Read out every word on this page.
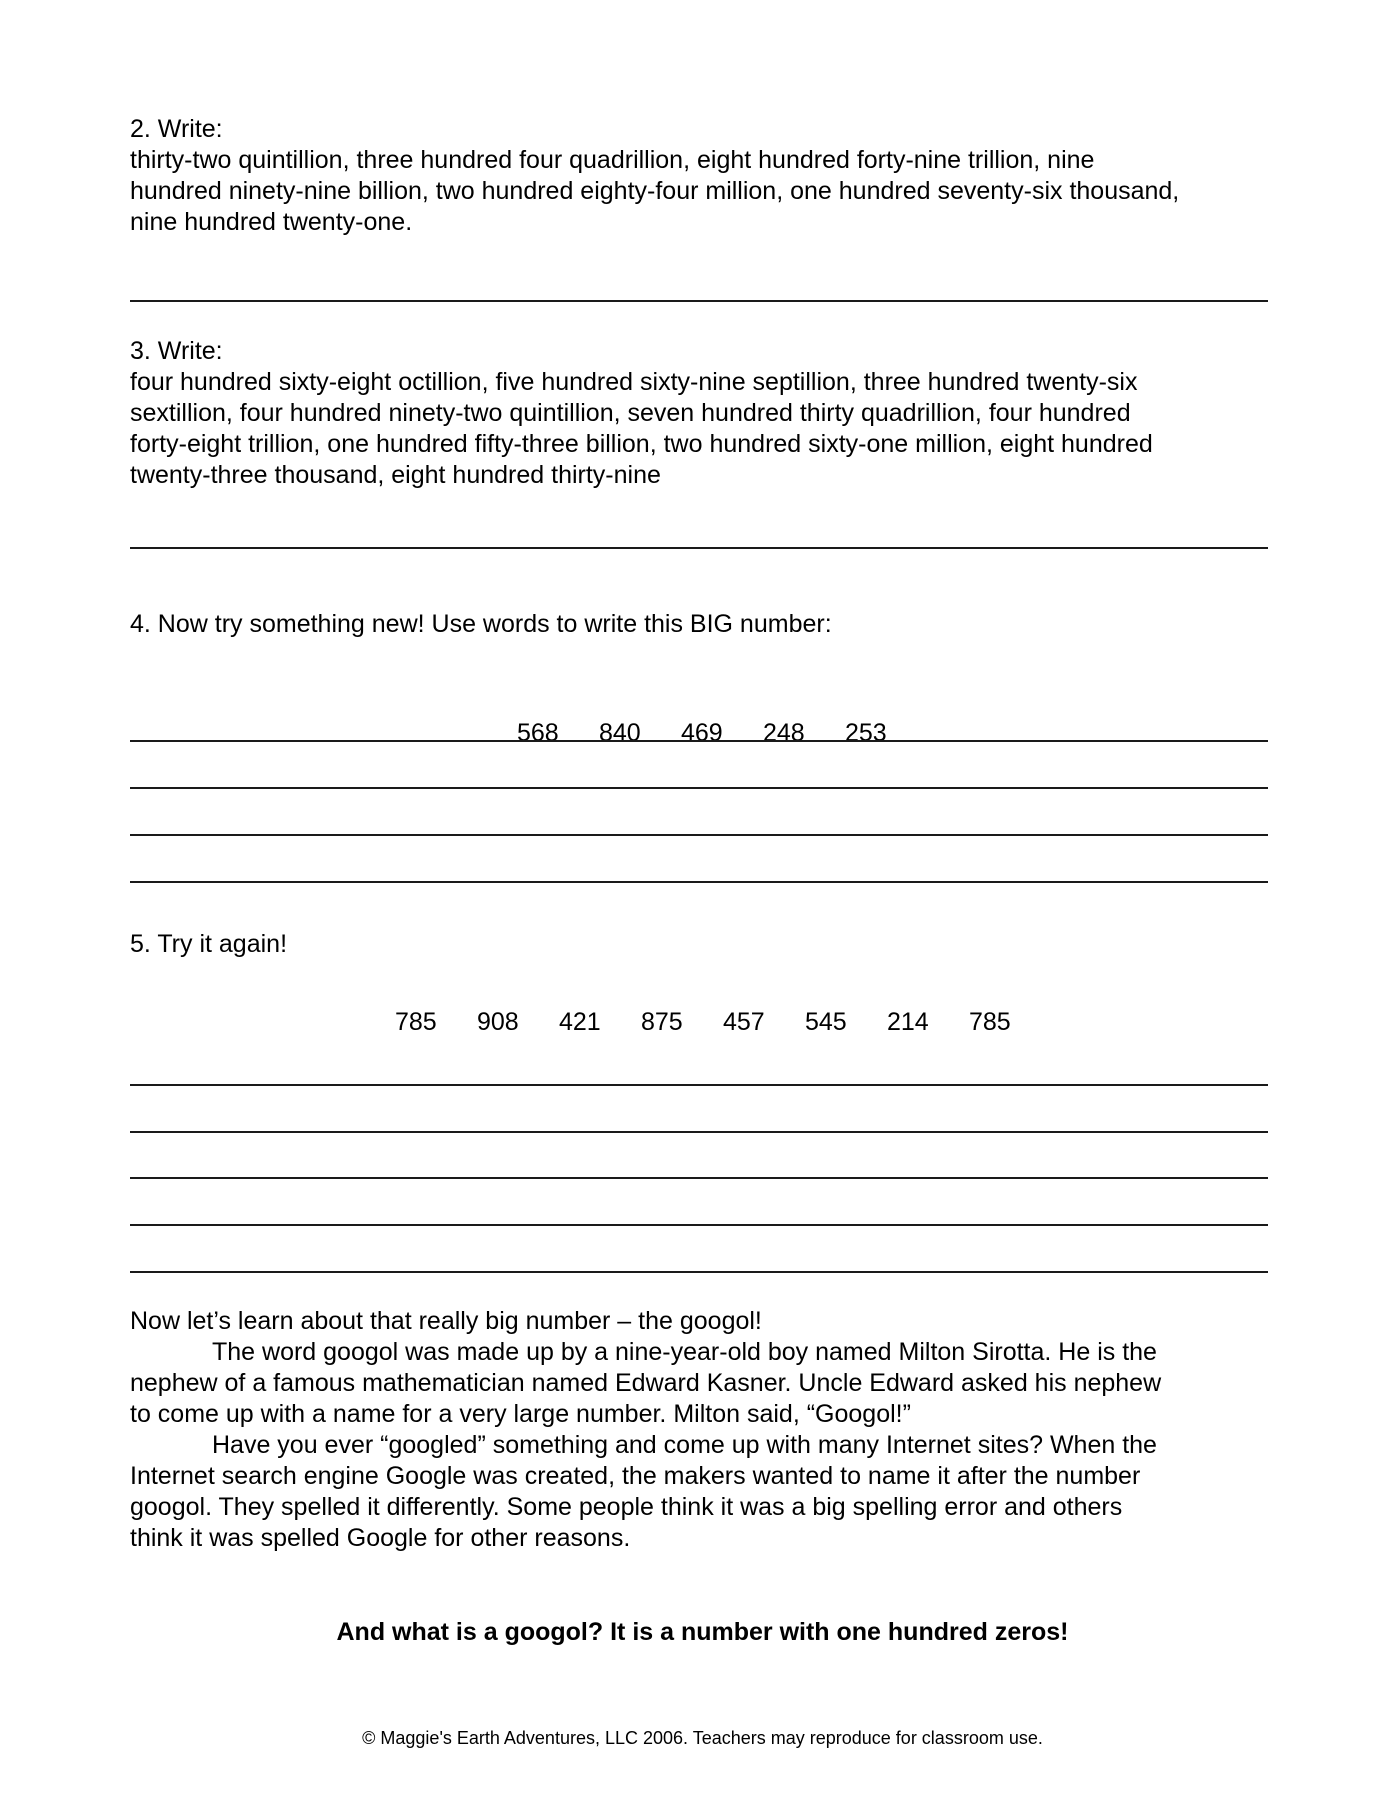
2. Write:
thirty-two quintillion, three hundred four quadrillion, eight hundred forty-nine trillion, nine
hundred ninety-nine billion, two hundred eighty-four million, one hundred seventy-six thousand,
nine hundred twenty-one.
3. Write:
four hundred sixty-eight octillion, five hundred sixty-nine septillion, three hundred twenty-six
sextillion, four hundred ninety-two quintillion, seven hundred thirty quadrillion, four hundred
forty-eight trillion, one hundred fifty-three billion, two hundred sixty-one million, eight hundred
twenty-three thousand, eight hundred thirty-nine
4. Now try something new! Use words to write this BIG number:
568	840	469	248	253
5. Try it again!
785	908	421	875	457	545	214	785
Now let’s learn about that really big number – the googol!
The word googol was made up by a nine-year-old boy named Milton Sirotta. He is the
nephew of a famous mathematician named Edward Kasner. Uncle Edward asked his nephew
to come up with a name for a very large number. Milton said, “Googol!”
Have you ever “googled” something and come up with many Internet sites? When the
Internet search engine Google was created, the makers wanted to name it after the number
googol. They spelled it differently. Some people think it was a big spelling error and others
think it was spelled Google for other reasons.
And what is a googol? It is a number with one hundred zeros!
© Maggie's Earth Adventures, LLC 2006. Teachers may reproduce for classroom use.
